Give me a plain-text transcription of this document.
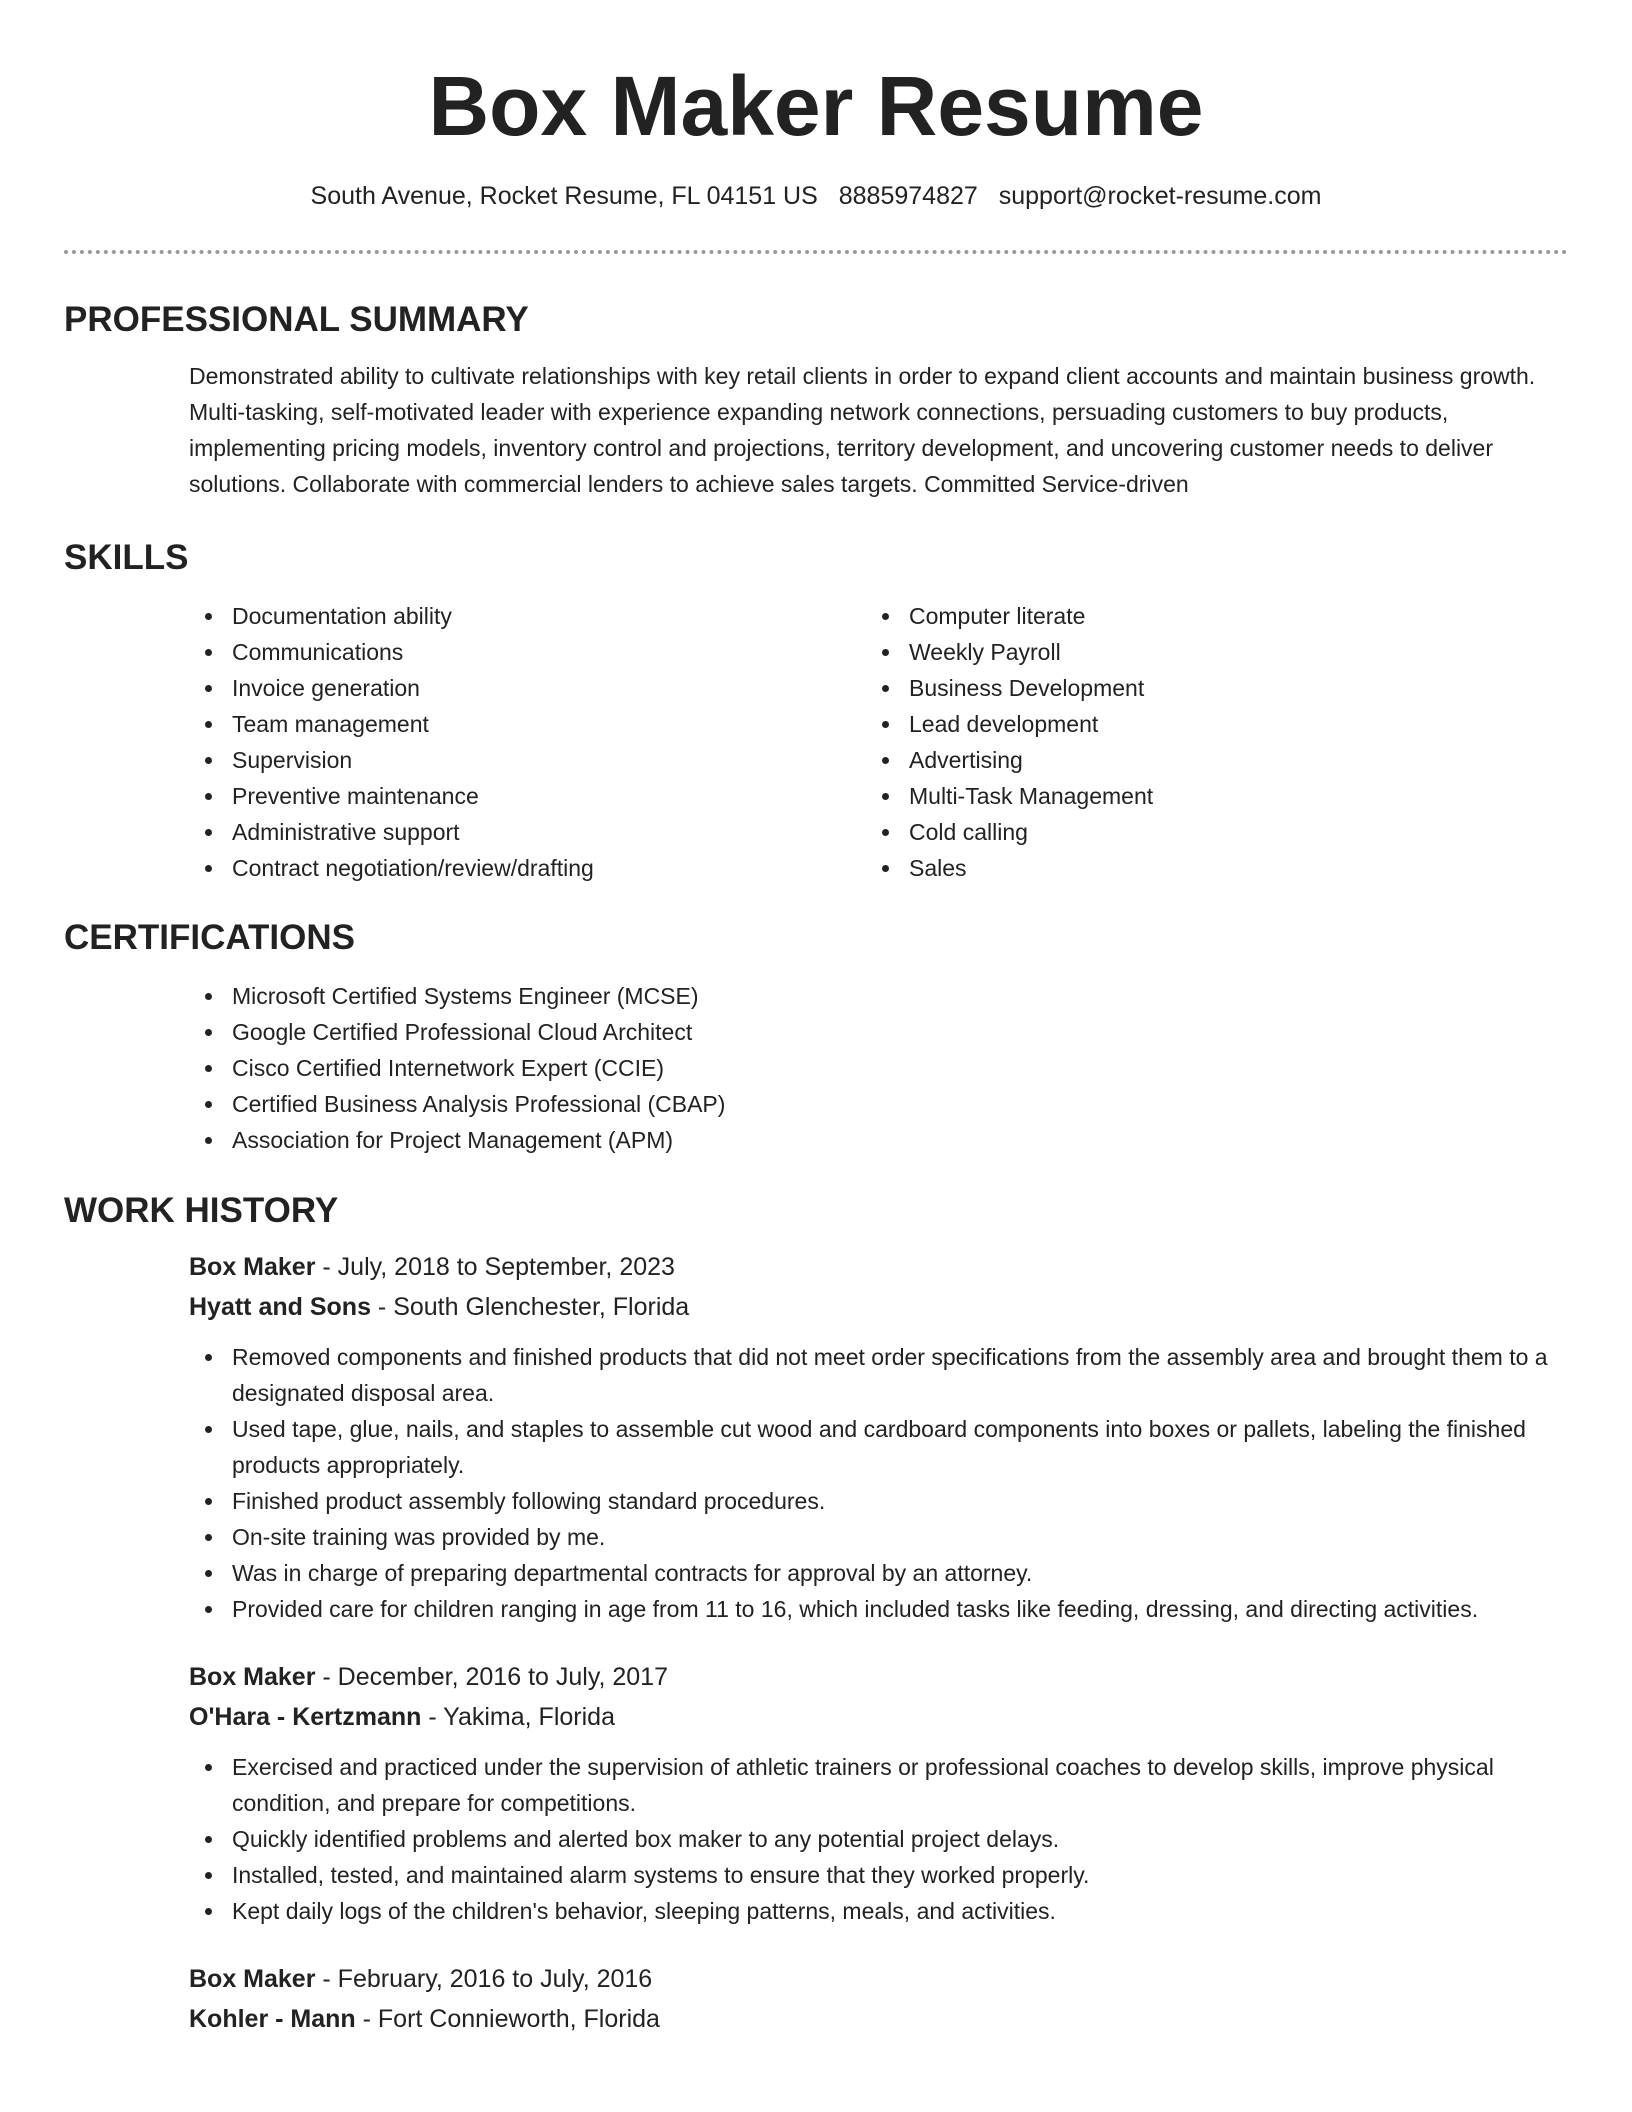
Box Maker Resume
South Avenue, Rocket Resume, FL 04151 US 8885974827 support@rocket-resume.com
PROFESSIONAL SUMMARY

Demonstrated ability to cultivate relationships with key retail clients in order to expand client accounts and maintain business growth. Multi-tasking, self-motivated leader with experience expanding network connections, persuading customers to buy products, implementing pricing models, inventory control and projections, territory development, and uncovering customer needs to deliver solutions. Collaborate with commercial lenders to achieve sales targets. Committed Service-driven

SKILLS
Documentation ability
Communications
Invoice generation
Team management
Supervision
Preventive maintenance
Administrative support
Contract negotiation/review/drafting
Computer literate
Weekly Payroll
Business Development
Lead development
Advertising
Multi-Task Management
Cold calling
Sales
CERTIFICATIONS
Microsoft Certified Systems Engineer (MCSE)
Google Certified Professional Cloud Architect
Cisco Certified Internetwork Expert (CCIE)
Certified Business Analysis Professional (CBAP)
Association for Project Management (APM)
WORK HISTORY
Box Maker - July, 2018 to September, 2023
Hyatt and Sons - South Glenchester, Florida
Removed components and finished products that did not meet order specifications from the assembly area and brought them to a designated disposal area.
Used tape, glue, nails, and staples to assemble cut wood and cardboard components into boxes or pallets, labeling the finished products appropriately.
Finished product assembly following standard procedures.
On-site training was provided by me.
Was in charge of preparing departmental contracts for approval by an attorney.
Provided care for children ranging in age from 11 to 16, which included tasks like feeding, dressing, and directing activities.
Box Maker - December, 2016 to July, 2017
O'Hara - Kertzmann - Yakima, Florida
Exercised and practiced under the supervision of athletic trainers or professional coaches to develop skills, improve physical condition, and prepare for competitions.
Quickly identified problems and alerted box maker to any potential project delays.
Installed, tested, and maintained alarm systems to ensure that they worked properly.
Kept daily logs of the children's behavior, sleeping patterns, meals, and activities.
Box Maker - February, 2016 to July, 2016
Kohler - Mann - Fort Connieworth, Florida
